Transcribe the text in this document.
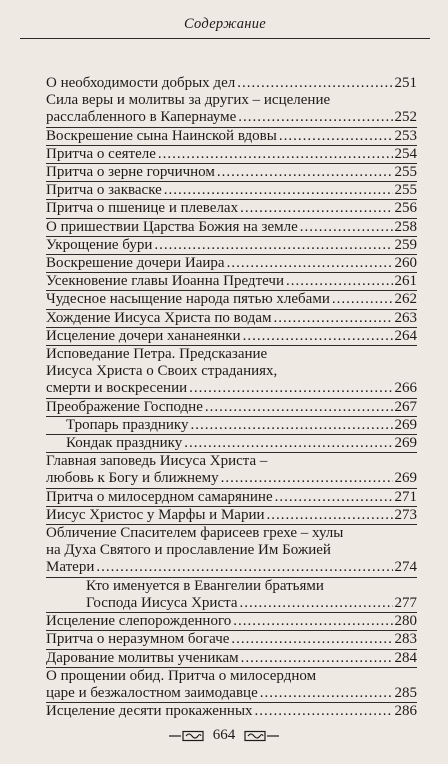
Содержание
О необходимости добрых дел .....	251
Сила веры и молитвы за других – исцеление
расслабленного в Капернауме .....	252
Воскрешение сына Наинской вдовы .....	253
Притча о сеятеле .....	254
Притча о зерне горчичном .....	255
Притча о закваске .....	255
Притча о пшенице и плевелах .....	256
О пришествии Царства Божия на земле .....	258
Укрощение бури .....	259
Воскрешение дочери Иаира .....	260
Усекновение главы Иоанна Предтечи .....	261
Чудесное насыщение народа пятью хлебами .....	262
Хождение Иисуса Христа по водам .....	263
Исцеление дочери хананеянки .....	264
Исповедание Петра. Предсказание
Иисуса Христа о Своих страданиях,
смерти и воскресении .....	266
Преображение Господне .....	267
Тропарь празднику .....	269
Кондак празднику .....	269
Главная заповедь Иисуса Христа –
любовь к Богу и ближнему .....	269
Притча о милосердном самарянине .....	271
Иисус Христос у Марфы и Марии .....	273
Обличение Спасителем фарисеев грехе – хулы
на Духа Святого и прославление Им Божией
Матери .....	274
Кто именуется в Евангелии братьями
Господа Иисуса Христа .....	277
Исцеление слепорожденного .....	280
Притча о неразумном богаче .....	283
Дарование молитвы ученикам .....	284
О прощении обид. Притча о милосердном
царе и безжалостном заимодавце .....	285
Исцеление десяти прокаженных .....	286
664
